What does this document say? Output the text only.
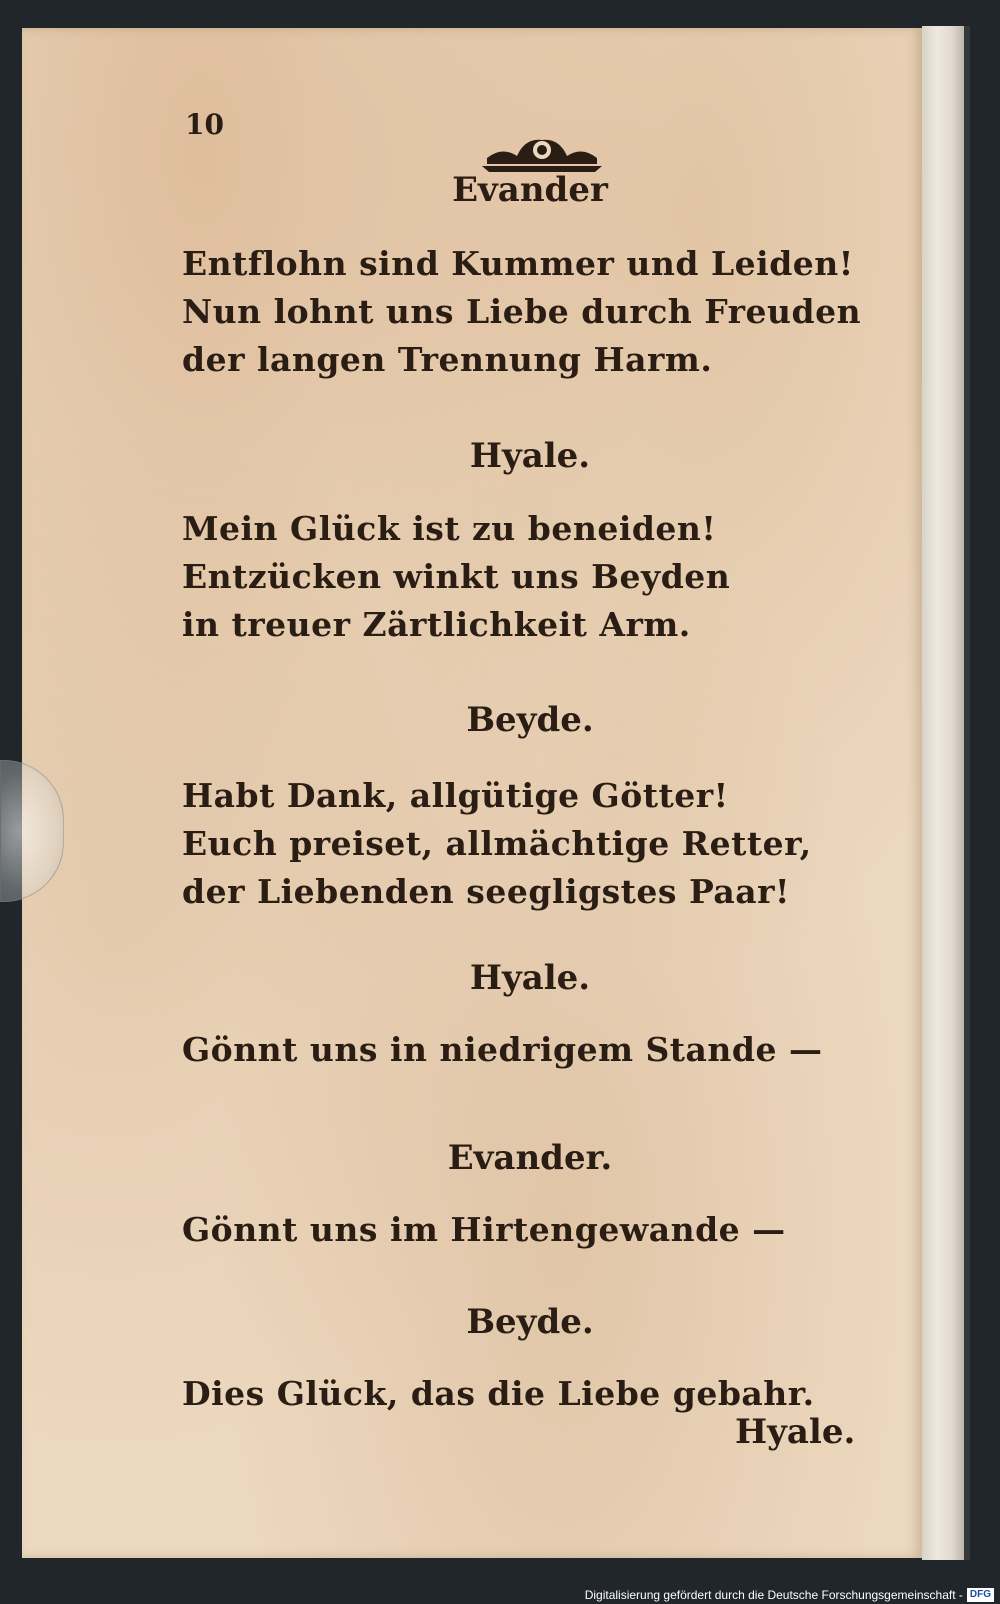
10
Evander
Entflohn sind Kummer und Leiden!
Nun lohnt uns Liebe durch Freuden
der langen Trennung Harm.
Hyale.
Mein Glück ist zu beneiden!
Entzücken winkt uns Beyden
in treuer Zärtlichkeit Arm.
Beyde.
Habt Dank, allgütige Götter!
Euch preiset, allmächtige Retter,
der Liebenden seegligstes Paar!
Hyale.
Gönnt uns in niedrigem Stande —
Evander.
Gönnt uns im Hirtengewande —
Beyde.
Dies Glück, das die Liebe gebahr.
Hyale.
Digitalisierung gefördert durch die Deutsche Forschungsgemeinschaft - DFG
